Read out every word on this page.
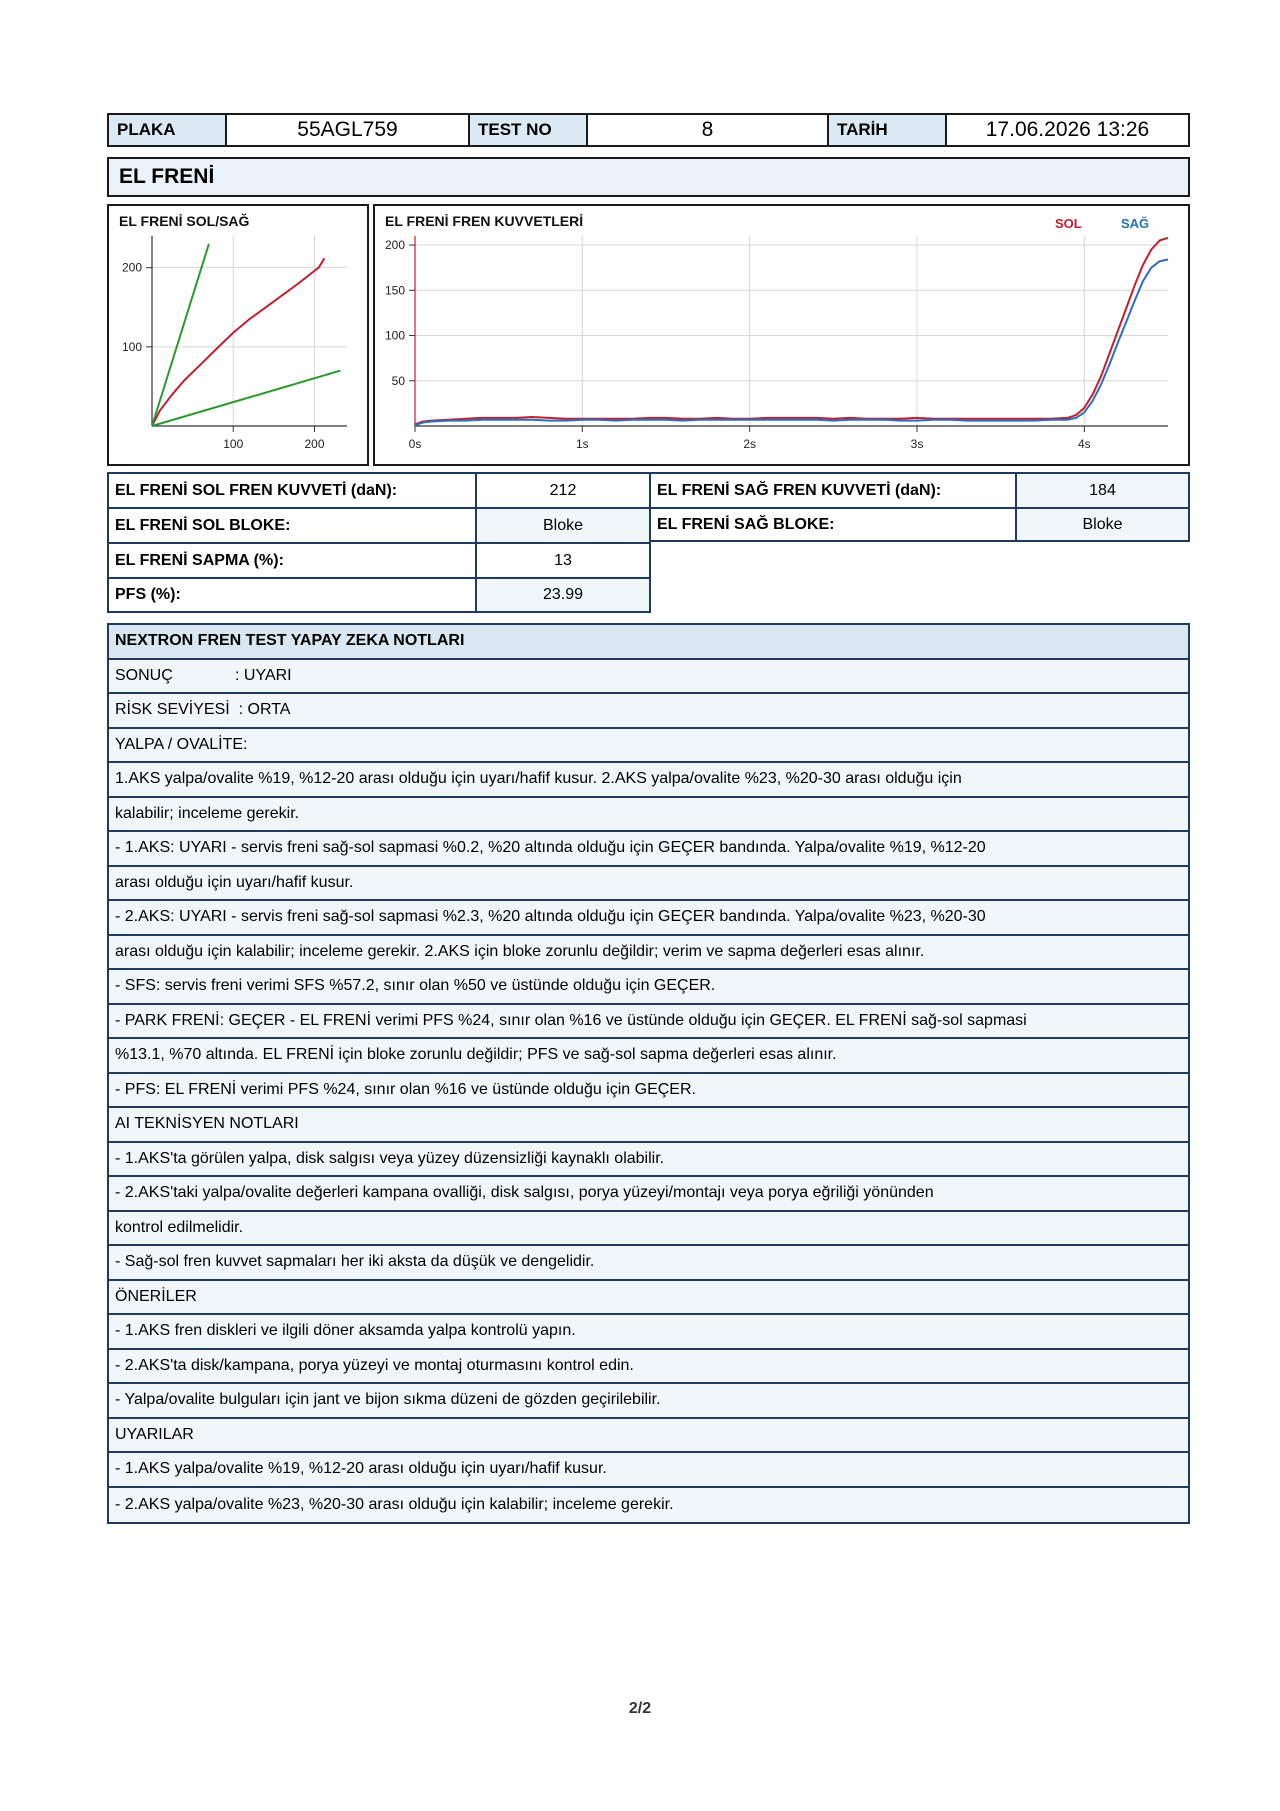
PLAKA	55AGL759	TEST NO	8	TARİH	17.06.2026 13:26
EL FRENİ
EL FRENİ SOL/SAĞ
100	200
100
200
EL FRENİ FREN KUVVETLERİ
0s	1s	2s	3s	4s
50
100
150
200
SOL	SAĞ
EL FRENİ SOL FREN KUVVETİ (daN):	212	EL FRENİ SAĞ FREN KUVVETİ (daN):	184
EL FRENİ SOL BLOKE:	Bloke	EL FRENİ SAĞ BLOKE:	Bloke
EL FRENİ SAPMA (%):	13
PFS (%):	23.99
NEXTRON FREN TEST YAPAY ZEKA NOTLARI
SONUÇ              : UYARI
RİSK SEVİYESİ  : ORTA
YALPA / OVALİTE:
1.AKS yalpa/ovalite %19, %12-20 arası olduğu için uyarı/hafif kusur. 2.AKS yalpa/ovalite %23, %20-30 arası olduğu için
kalabilir; inceleme gerekir.
- 1.AKS: UYARI - servis freni sağ-sol sapmasi %0.2, %20 altında olduğu için GEÇER bandında. Yalpa/ovalite %19, %12-20
arası olduğu için uyarı/hafif kusur.
- 2.AKS: UYARI - servis freni sağ-sol sapmasi %2.3, %20 altında olduğu için GEÇER bandında. Yalpa/ovalite %23, %20-30
arası olduğu için kalabilir; inceleme gerekir. 2.AKS için bloke zorunlu değildir; verim ve sapma değerleri esas alınır.
- SFS: servis freni verimi SFS %57.2, sınır olan %50 ve üstünde olduğu için GEÇER.
- PARK FRENİ: GEÇER - EL FRENİ verimi PFS %24, sınır olan %16 ve üstünde olduğu için GEÇER. EL FRENİ sağ-sol sapmasi
%13.1, %70 altında. EL FRENİ için bloke zorunlu değildir; PFS ve sağ-sol sapma değerleri esas alınır.
- PFS: EL FRENİ verimi PFS %24, sınır olan %16 ve üstünde olduğu için GEÇER.
AI TEKNİSYEN NOTLARI
- 1.AKS'ta görülen yalpa, disk salgısı veya yüzey düzensizliği kaynaklı olabilir.
- 2.AKS'taki yalpa/ovalite değerleri kampana ovalliği, disk salgısı, porya yüzeyi/montajı veya porya eğriliği yönünden
kontrol edilmelidir.
- Sağ-sol fren kuvvet sapmaları her iki aksta da düşük ve dengelidir.
ÖNERİLER
- 1.AKS fren diskleri ve ilgili döner aksamda yalpa kontrolü yapın.
- 2.AKS'ta disk/kampana, porya yüzeyi ve montaj oturmasını kontrol edin.
- Yalpa/ovalite bulguları için jant ve bijon sıkma düzeni de gözden geçirilebilir.
UYARILAR
- 1.AKS yalpa/ovalite %19, %12-20 arası olduğu için uyarı/hafif kusur.
- 2.AKS yalpa/ovalite %23, %20-30 arası olduğu için kalabilir; inceleme gerekir.
2/2
